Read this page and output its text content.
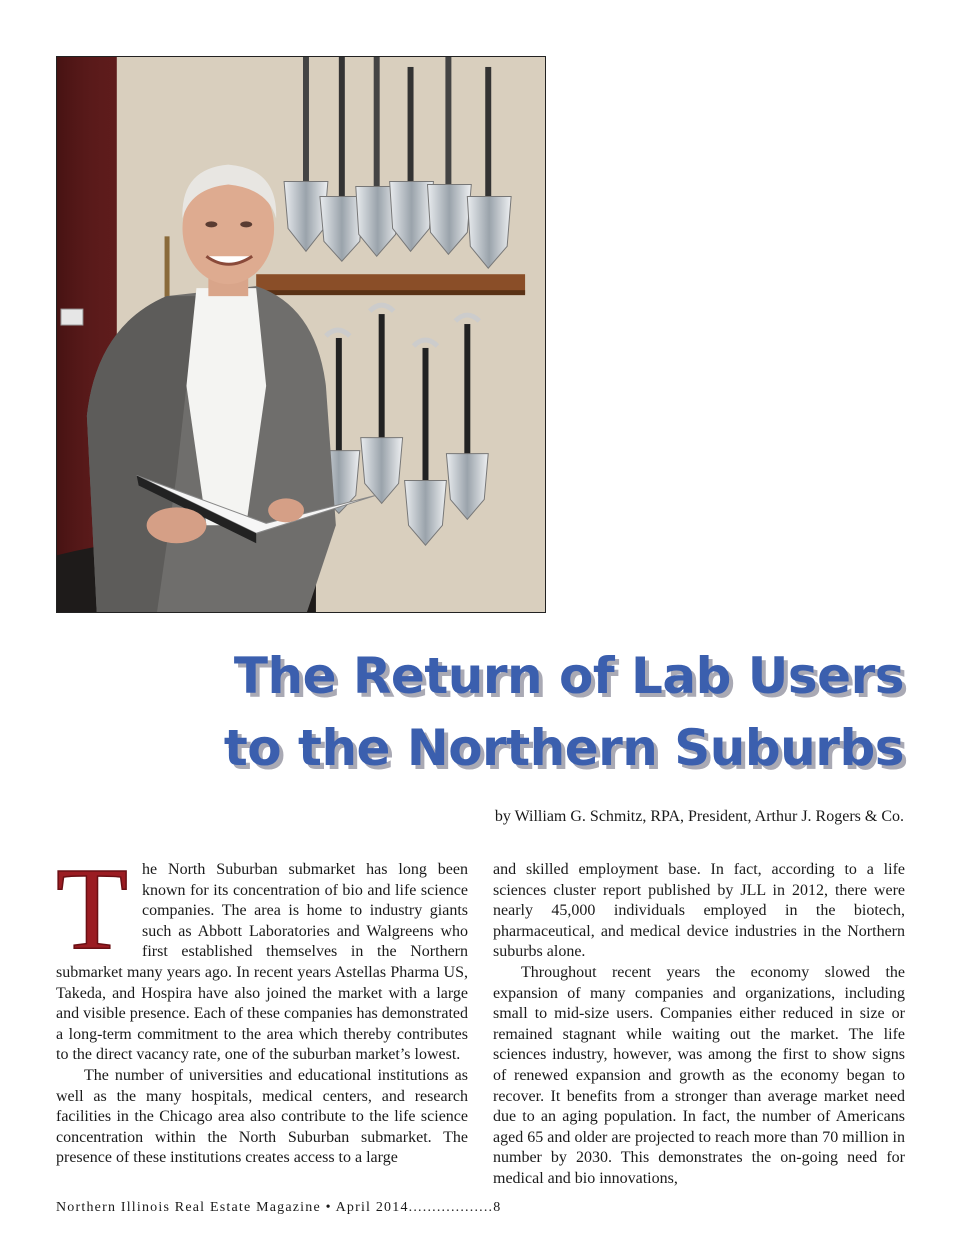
The Return of Lab Users
to the Northern Suburbs
by William G. Schmitz, RPA, President, Arthur J. Rogers & Co.
T he North Suburban submarket has long been known for its concentration of bio and life science companies. The area is home to industry giants such as Abbott Laboratories and Walgreens who first established themselves in the Northern submarket many years ago. In recent years Astellas Pharma US, Takeda, and Hospira have also joined the market with a large and visible presence. Each of these companies has demonstrated a long-term commitment to the area which thereby contributes to the direct vacancy rate, one of the suburban market’s lowest.

The number of universities and educational institutions as well as the many hospitals, medical centers, and research facilities in the Chicago area also contribute to the life science concentration within the North Suburban submarket. The presence of these institutions creates access to a large

and skilled employment base. In fact, according to a life sciences cluster report published by JLL in 2012, there were nearly 45,000 individuals employed in the biotech, pharmaceutical, and medical device industries in the Northern suburbs alone.

Throughout recent years the economy slowed the expansion of many companies and organizations, including small to mid-size users. Companies either reduced in size or remained stagnant while waiting out the market. The life sciences industry, however, was among the first to show signs of renewed expansion and growth as the economy began to recover. It benefits from a stronger than average market need due to an aging population. In fact, the number of Americans aged 65 and older are projected to reach more than 70 million in number by 2030. This demonstrates the on-going need for medical and bio innovations,

Northern Illinois Real Estate Magazine • April 2014..................8
